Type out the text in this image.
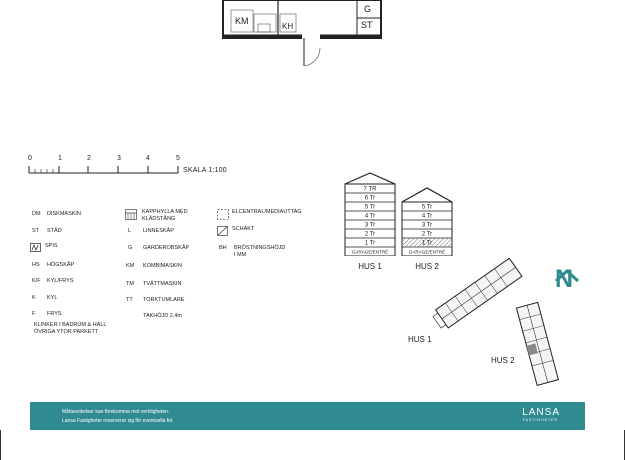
KM
KH
G
ST
0	1	2	3	4	5
SKALA 1:100
DM	DISKMASKIN
ST	STÄD
SPIS
HS	HÖGSKÅP
K/F	KYL/FRYS
K	KYL
F	FRYS
KAPPHYLLA MED
KLÄDSTÅNG
L	LINNESKÅP
G	GARDEROBSKÅP
KM	KOMBIMASKIN
TM	TVÄTTMASKIN
TT	TORKTUMLARE
TAKHÖJD 2,4m
ELCENTRAL/MEDIAUTTAG
SCHAKT
BH	BRÖSTNINGSHÖJD
I MM
KLINKER I BADRUM & HALL
ÖVRIGA YTOR PARKETT
7 TR
6 Tr
5 Tr
4 Tr
3 Tr
2 Tr
1 Tr
GARAGE/ENTRÉ
HUS 1
5 Tr
4 Tr
3 Tr
2 Tr
1 Tr
GARAGE/ENTRÉ
HUS 2	N
HUS 1
HUS 2
Måttavvikelser kan förekomma mot verkligheten.
Lansa Fastigheter reserverar sig för eventuella fel.
LANSA
FASTIGHETER
